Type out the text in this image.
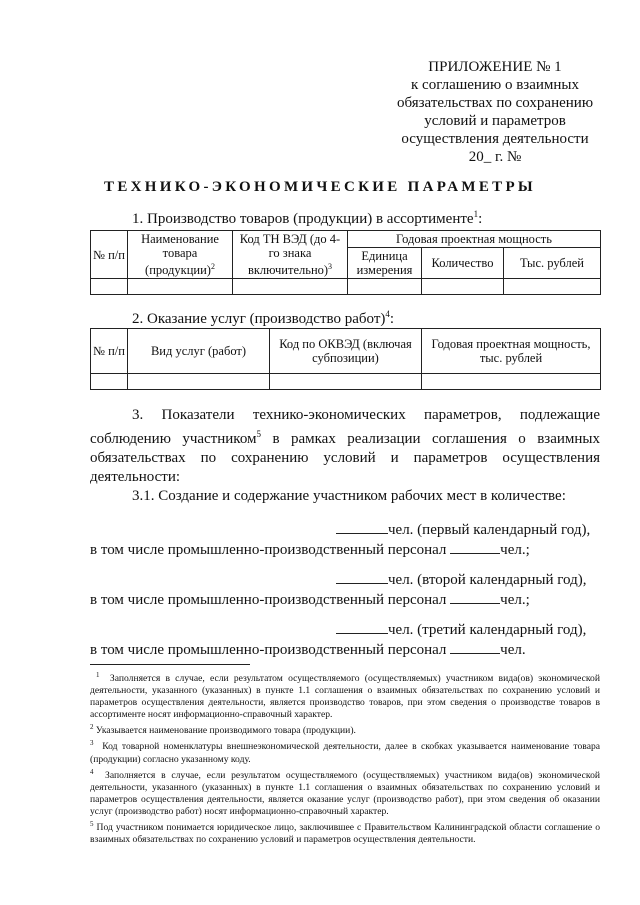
ПРИЛОЖЕНИЕ № 1
к соглашению о взаимных
обязательствах по сохранению
условий и параметров
осуществления деятельности
20_ г. №
ТЕХНИКО-ЭКОНОМИЧЕСКИЕ ПАРАМЕТРЫ
1. Производство товаров (продукции) в ассортименте$^1$:
№ п/п	Наименование товара (продукции)$^2$	Код ТН ВЭД (до 4-го знака включительно)$^3$	Годовая проектная мощность		
			Единица измерения	Количество	Тыс. рублей

2. Оказание услуг (производство работ)$^4$:
№ п/п	Вид услуг (работ)	Код по ОКВЭД (включая субпозиции)	Годовая проектная мощность, тыс. рублей

3. Показатели технико-экономических параметров, подлежащие соблюдению участником$^5$ в рамках реализации соглашения о взаимных обязательствах по сохранению условий и параметров осуществления деятельности:
3.1. Создание и содержание участником рабочих мест в количестве:
чел. (первый календарный год),
в том числе промышленно-производственный персонал	чел.;
чел. (второй календарный год),
в том числе промышленно-производственный персонал	чел.;
чел. (третий календарный год),
в том числе промышленно-производственный персонал	чел.

$^1$ Заполняется в случае, если результатом осуществляемого (осуществляемых) участником вида(ов) экономической деятельности, указанного (указанных) в пункте 1.1 соглашения о взаимных обязательствах по сохранению условий и параметров осуществления деятельности, является производство товаров, при этом сведения о производстве товаров в ассортименте носят информационно-справочный характер.

$^2$ Указывается наименование производимого товара (продукции).

$^3$ Код товарной номенклатуры внешнеэкономической деятельности, далее в скобках указывается наименование товара (продукции) согласно указанному коду.

$^4$ Заполняется в случае, если результатом осуществляемого (осуществляемых) участником вида(ов) экономической деятельности, указанного (указанных) в пункте 1.1 соглашения о взаимных обязательствах по сохранению условий и параметров осуществления деятельности, является оказание услуг (производство работ), при этом сведения об оказании услуг (производство работ) носят информационно-справочный характер.

$^5$ Под участником понимается юридическое лицо, заключившее с Правительством Калининградской области соглашение о взаимных обязательствах по сохранению условий и параметров осуществления деятельности.
